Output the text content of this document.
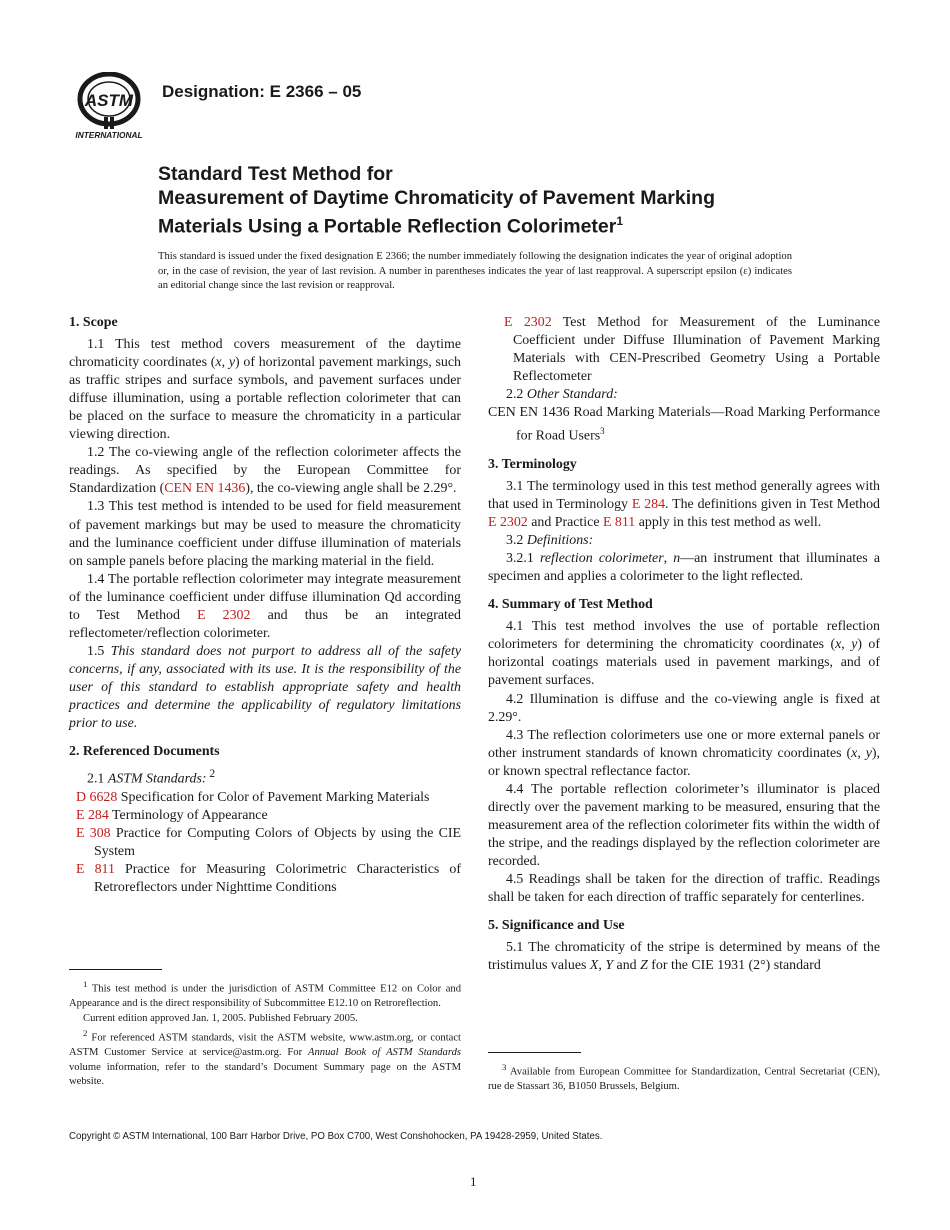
ASTM
INTERNATIONAL
Designation: E 2366 – 05
Standard Test Method for
Measurement of Daytime Chromaticity of Pavement Marking
Materials Using a Portable Reflection Colorimeter$^1$
This standard is issued under the fixed designation E 2366; the number immediately following the designation indicates the year of original adoption or, in the case of revision, the year of last revision. A number in parentheses indicates the year of last reapproval. A superscript epsilon (ε) indicates an editorial change since the last revision or reapproval.
1. Scope

1.1 This test method covers measurement of the daytime chromaticity coordinates (x, y) of horizontal pavement markings, such as traffic stripes and surface symbols, and pavement surfaces under diffuse illumination, using a portable reflection colorimeter that can be placed on the surface to measure the chromaticity in a particular viewing direction.

1.2 The co-viewing angle of the reflection colorimeter affects the readings. As specified by the European Committee for Standardization (CEN EN 1436), the co-viewing angle shall be 2.29°.

1.3 This test method is intended to be used for field measurement of pavement markings but may be used to measure the chromaticity and the luminance coefficient under diffuse illumination of materials on sample panels before placing the marking material in the field.

1.4 The portable reflection colorimeter may integrate measurement of the luminance coefficient under diffuse illumination Qd according to Test Method E 2302 and thus be an integrated reflectometer/reflection colorimeter.

1.5 This standard does not purport to address all of the safety concerns, if any, associated with its use. It is the responsibility of the user of this standard to establish appropriate safety and health practices and determine the applicability of regulatory limitations prior to use.

2. Referenced Documents

2.1 ASTM Standards: $^2$

D 6628 Specification for Color of Pavement Marking Materials
E 284 Terminology of Appearance
E 308 Practice for Computing Colors of Objects by using the CIE System
E 811 Practice for Measuring Colorimetric Characteristics of Retroreflectors under Nighttime Conditions
E 2302 Test Method for Measurement of the Luminance Coefficient under Diffuse Illumination of Pavement Marking Materials with CEN-Prescribed Geometry Using a Portable Reflectometer

2.2 Other Standard:

CEN EN 1436 Road Marking Materials—Road Marking Performance for Road Users$^3$
3. Terminology

3.1 The terminology used in this test method generally agrees with that used in Terminology E 284. The definitions given in Test Method E 2302 and Practice E 811 apply in this test method as well.

3.2 Definitions:

3.2.1 reflection colorimeter, n—an instrument that illuminates a specimen and applies a colorimeter to the light reflected.

4. Summary of Test Method

4.1 This test method involves the use of portable reflection colorimeters for determining the chromaticity coordinates (x, y) of horizontal coatings materials used in pavement markings, and of pavement surfaces.

4.2 Illumination is diffuse and the co-viewing angle is fixed at 2.29°.

4.3 The reflection colorimeters use one or more external panels or other instrument standards of known chromaticity coordinates (x, y), or known spectral reflectance factor.

4.4 The portable reflection colorimeter’s illuminator is placed directly over the pavement marking to be measured, ensuring that the measurement area of the reflection colorimeter fits within the width of the stripe, and the readings displayed by the reflection colorimeter are recorded.

4.5 Readings shall be taken for the direction of traffic. Readings shall be taken for each direction of traffic separately for centerlines.

5. Significance and Use

5.1 The chromaticity of the stripe is determined by means of the tristimulus values X, Y and Z for the CIE 1931 (2°) standard

$^1$ This test method is under the jurisdiction of ASTM Committee E12 on Color and Appearance and is the direct responsibility of Subcommittee E12.10 on Retroreflection.

Current edition approved Jan. 1, 2005. Published February 2005.

$^2$ For referenced ASTM standards, visit the ASTM website, www.astm.org, or contact ASTM Customer Service at service@astm.org. For Annual Book of ASTM Standards volume information, refer to the standard’s Document Summary page on the ASTM website.

$^3$ Available from European Committee for Standardization, Central Secretariat (CEN), rue de Stassart 36, B1050 Brussels, Belgium.

Copyright © ASTM International, 100 Barr Harbor Drive, PO Box C700, West Conshohocken, PA 19428-2959, United States.
1
